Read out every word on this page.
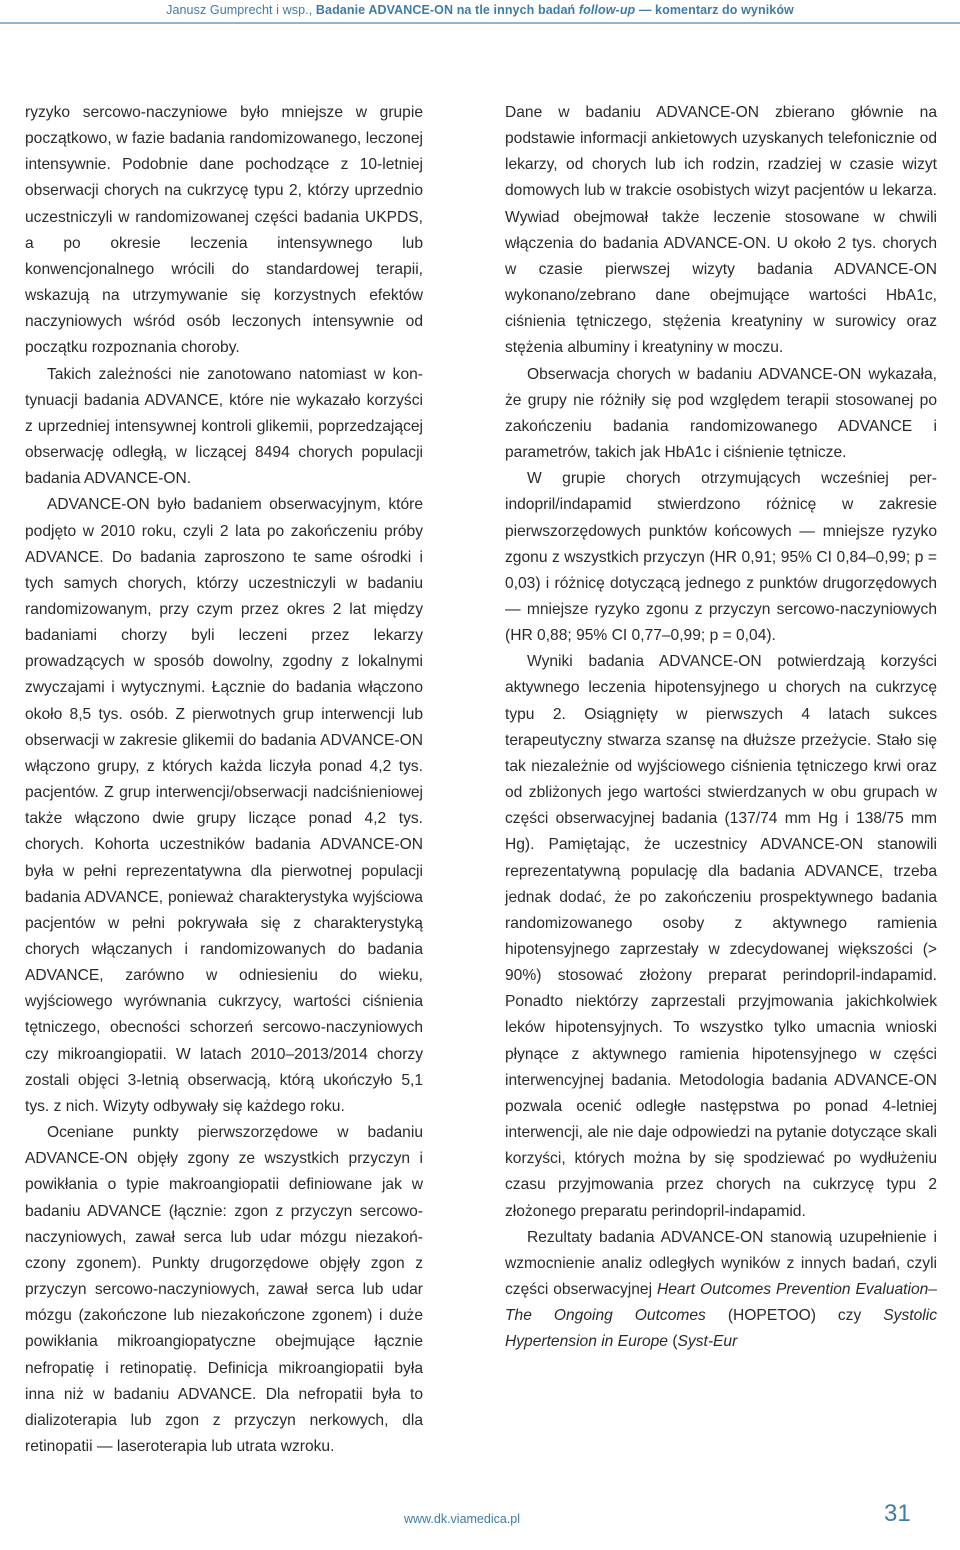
Janusz Gumprecht i wsp., Badanie ADVANCE-ON na tle innych badań follow-up — komentarz do wyników

ryzyko sercowo-naczyniowe było mniejsze w grupie początkowo, w fazie badania randomizowanego, leczonej intensywnie. Podobnie dane pochodzące z 10-letniej obserwacji chorych na cukrzycę typu 2, którzy uprzednio uczestniczyli w randomizowanej części badania UKPDS, a po okresie leczenia intensywnego lub konwencjonalnego wrócili do standardowej terapii, wskazują na utrzymywanie się korzystnych efektów naczyniowych wśród osób leczonych intensywnie od początku rozpoznania choroby.

Takich zależności nie zanotowano natomiast w kontynuacji badania ADVANCE, które nie wykazało korzyści z uprzedniej intensywnej kontroli glikemii, poprzedzającej obserwację odległą, w liczącej 8494 chorych populacji badania ADVANCE-ON.

ADVANCE-ON było badaniem obserwacyjnym, które podjęto w 2010 roku, czyli 2 lata po zakończeniu próby ADVANCE. Do badania zaproszono te same ośrodki i tych samych chorych, którzy uczestniczyli w badaniu randomizowanym, przy czym przez okres 2 lat między badaniami chorzy byli leczeni przez lekarzy prowadzących w sposób dowolny, zgodny z lokalnymi zwyczajami i wytycznymi. Łącznie do badania włączono około 8,5 tys. osób. Z pierwotnych grup interwencji lub obserwacji w zakresie glikemii do badania ADVANCE-ON włączono grupy, z których każda liczyła ponad 4,2 tys. pacjentów. Z grup interwencji/obserwacji nadciśnieniowej także włączono dwie grupy liczące ponad 4,2 tys. chorych. Kohorta uczestników badania ADVANCE-ON była w pełni reprezentatywna dla pierwotnej populacji badania ADVANCE, ponieważ charakterystyka wyjściowa pacjentów w pełni pokrywała się z charakterystyką chorych włączanych i randomizowanych do badania ADVANCE, zarówno w odniesieniu do wieku, wyjściowego wyrównania cukrzycy, wartości ciśnienia tętniczego, obecności schorzeń sercowo-naczyniowych czy mikroangiopatii. W latach 2010–2013/2014 chorzy zostali objęci 3-letnią obserwacją, którą ukończyło 5,1 tys. z nich. Wizyty odbywały się każdego roku.

Oceniane punkty pierwszorzędowe w badaniu ADVANCE-ON objęły zgony ze wszystkich przyczyn i powikłania o typie makroangiopatii definiowane jak w badaniu ADVANCE (łącznie: zgon z przyczyn sercowo-naczyniowych, zawał serca lub udar mózgu niezakończony zgonem). Punkty drugorzędowe objęły zgon z przyczyn sercowo-naczyniowych, zawał serca lub udar mózgu (zakończone lub niezakończone zgonem) i duże powikłania mikroangiopatyczne obejmujące łącznie nefropatię i retinopatię. Definicja mikroangiopatii była inna niż w badaniu ADVANCE. Dla nefropatii była to dializoterapia lub zgon z przyczyn nerkowych, dla retinopatii — laseroterapia lub utrata wzroku.

Dane w badaniu ADVANCE-ON zbierano głównie na podstawie informacji ankietowych uzyskanych telefonicznie od lekarzy, od chorych lub ich rodzin, rzadziej w czasie wizyt domowych lub w trakcie osobistych wizyt pacjentów u lekarza. Wywiad obejmował także leczenie stosowane w chwili włączenia do badania ADVANCE-ON. U około 2 tys. chorych w czasie pierwszej wizyty badania ADVANCE-ON wykonano/zebrano dane obejmujące wartości HbA1c, ciśnienia tętniczego, stężenia kreatyniny w surowicy oraz stężenia albuminy i kreatyniny w moczu.

Obserwacja chorych w badaniu ADVANCE-ON wykazała, że grupy nie różniły się pod względem terapii stosowanej po zakończeniu badania randomizowanego ADVANCE i parametrów, takich jak HbA1c i ciśnienie tętnicze.

W grupie chorych otrzymujących wcześniej perindopril/indapamid stwierdzono różnicę w zakresie pierwszorzędowych punktów końcowych — mniejsze ryzyko zgonu z wszystkich przyczyn (HR 0,91; 95% CI 0,84–0,99; p = 0,03) i różnicę dotyczącą jednego z punktów drugorzędowych — mniejsze ryzyko zgonu z przyczyn sercowo-naczyniowych (HR 0,88; 95% CI 0,77–0,99; p = 0,04).

Wyniki badania ADVANCE-ON potwierdzają korzyści aktywnego leczenia hipotensyjnego u chorych na cukrzycę typu 2. Osiągnięty w pierwszych 4 latach sukces terapeutyczny stwarza szansę na dłuższe przeżycie. Stało się tak niezależnie od wyjściowego ciśnienia tętniczego krwi oraz od zbliżonych jego wartości stwierdzanych w obu grupach w części obserwacyjnej badania (137/74 mm Hg i 138/75 mm Hg). Pamiętając, że uczestnicy ADVANCE-ON stanowili reprezentatywną populację dla badania ADVANCE, trzeba jednak dodać, że po zakończeniu prospektywnego badania randomizowanego osoby z aktywnego ramienia hipotensyjnego zaprzestały w zdecydowanej większości (> 90%) stosować złożony preparat perindopril-indapamid. Ponadto niektórzy zaprzestali przyjmowania jakichkolwiek leków hipotensyjnych. To wszystko tylko umacnia wnioski płynące z aktywnego ramienia hipotensyjnego w części interwencyjnej badania. Metodologia badania ADVANCE-ON pozwala ocenić odległe następstwa po ponad 4-letniej interwencji, ale nie daje odpowiedzi na pytanie dotyczące skali korzyści, których można by się spodziewać po wydłużeniu czasu przyjmowania przez chorych na cukrzycę typu 2 złożonego preparatu perindopril-indapamid.

Rezultaty badania ADVANCE-ON stanowią uzupełnienie i wzmocnienie analiz odległych wyników z innych badań, czyli części obserwacyjnej Heart Outcomes Prevention Evaluation–The Ongoing Outcomes (HOPETOO) czy Systolic Hypertension in Europe (Syst-Eur

www.dk.viamedica.pl	31
